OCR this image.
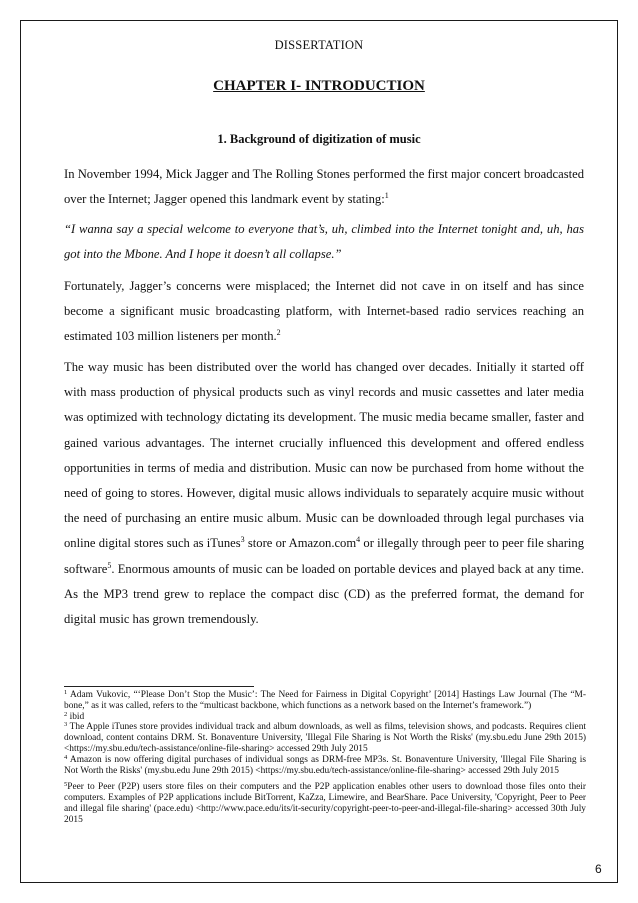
DISSERTATION
CHAPTER I- INTRODUCTION
1. Background of digitization of music

In November 1994, Mick Jagger and The Rolling Stones performed the first major concert broadcasted over the Internet; Jagger opened this landmark event by stating:$^1$

“I wanna say a special welcome to everyone that’s, uh, climbed into the Internet tonight and, uh, has got into the Mbone. And I hope it doesn’t all collapse.”

Fortunately, Jagger’s concerns were misplaced; the Internet did not cave in on itself and has since become a significant music broadcasting platform, with Internet-based radio services reaching an estimated 103 million listeners per month.$^2$

The way music has been distributed over the world has changed over decades. Initially it started off with mass production of physical products such as vinyl records and music cassettes and later media was optimized with technology dictating its development. The music media became smaller, faster and gained various advantages. The internet crucially influenced this development and offered endless opportunities in terms of media and distribution. Music can now be purchased from home without the need of going to stores. However, digital music allows individuals to separately acquire music without the need of purchasing an entire music album. Music can be downloaded through legal purchases via online digital stores such as iTunes$^3$ store or Amazon.com$^4$ or illegally through peer to peer file sharing software$^5$. Enormous amounts of music can be loaded on portable devices and played back at any time. As the MP3 trend grew to replace the compact disc (CD) as the preferred format, the demand for digital music has grown tremendously.

$^1$ Adam Vukovic, “‘Please Don’t Stop the Music’: The Need for Fairness in Digital Copyright’ [2014] Hastings Law Journal (The “M-bone,” as it was called, refers to the “multicast backbone, which functions as a network based on the Internet’s framework.”)
$^2$ ibid
$^3$ The Apple iTunes store provides individual track and album downloads, as well as films, television shows, and podcasts. Requires client download, content contains DRM. St. Bonaventure University, 'Illegal File Sharing is Not Worth the Risks' (my.sbu.edu June 29th 2015) <https://my.sbu.edu/tech-assistance/online-file-sharing> accessed 29th July 2015
$^4$ Amazon is now offering digital purchases of individual songs as DRM-free MP3s. St. Bonaventure University, 'Illegal File Sharing is Not Worth the Risks' (my.sbu.edu June 29th 2015) <https://my.sbu.edu/tech-assistance/online-file-sharing> accessed 29th July 2015
$^5$Peer to Peer (P2P) users store files on their computers and the P2P application enables other users to download those files onto their computers. Examples of P2P applications include BitTorrent, KaZza, Limewire, and BearShare. Pace University, 'Copyright, Peer to Peer and illegal file sharing' (pace.edu) <http://www.pace.edu/its/it-security/copyright-peer-to-peer-and-illegal-file-sharing> accessed 30th July 2015
6
